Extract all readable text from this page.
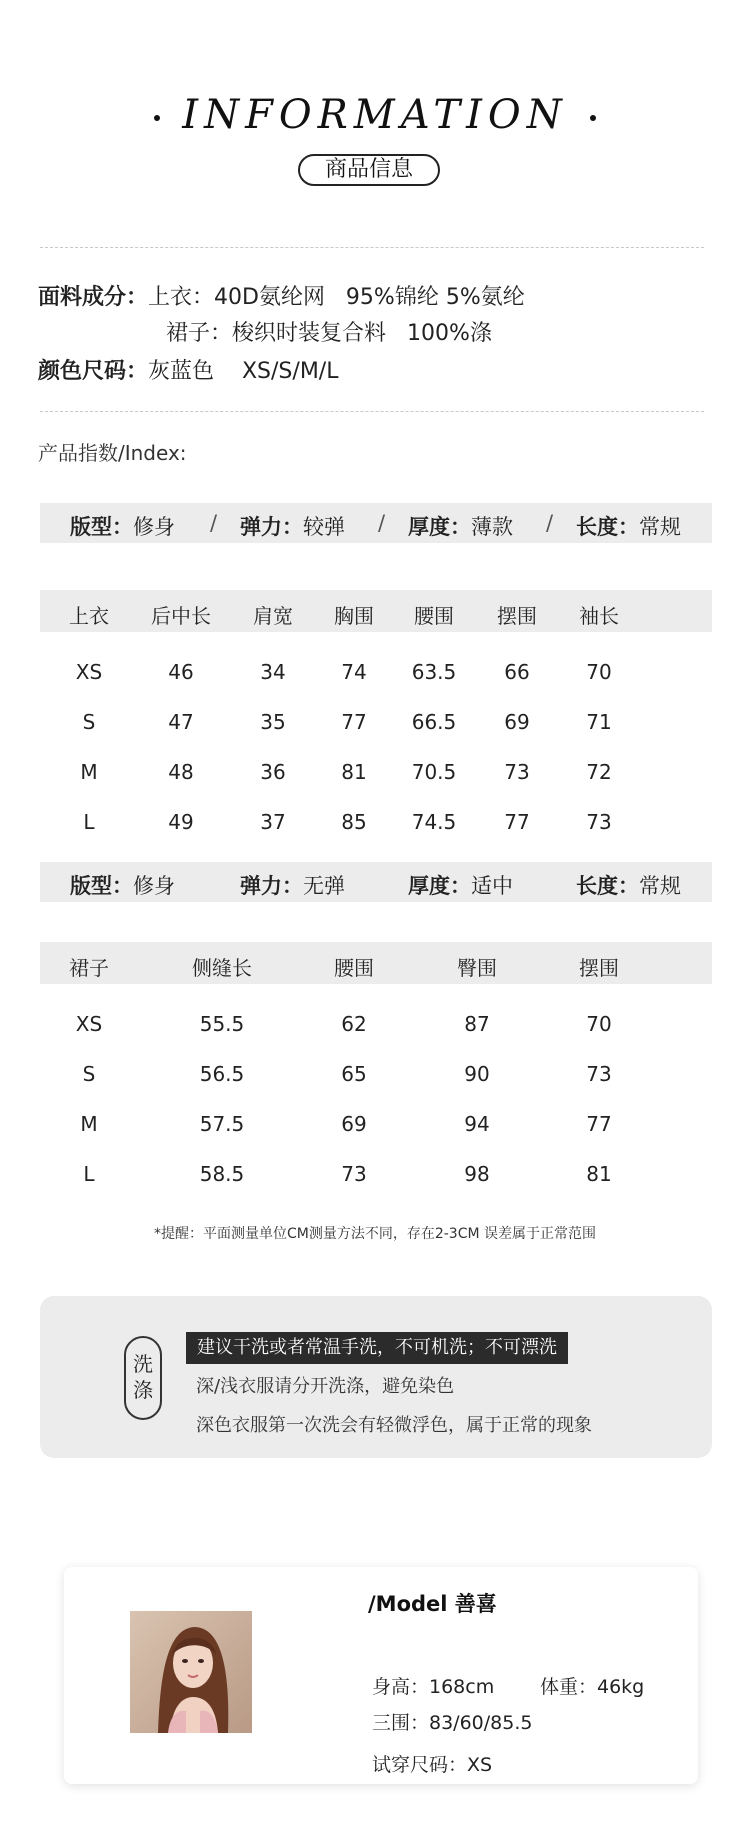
INFORMATION
商品信息
面料成分：上衣：40D氨纶网   95%锦纶 5%氨纶
裙子：梭织时装复合料   100%涤
颜色尺码：灰蓝色    XS/S/M/L
产品指数/Index:
版型：修身 / 弹力：较弹 / 厚度：薄款 / 长度：常规
上衣	后中长	肩宽	胸围	腰围	摆围	袖长
XS	46	34	74	63.5	66	70
S	47	35	77	66.5	69	71
M	48	36	81	70.5	73	72
L	49	37	85	74.5	77	73
版型：修身	弹力：无弹	厚度：适中	长度：常规
裙子	侧缝长	腰围	臀围	摆围
XS	55.5	62	87	70
S	56.5	65	90	73
M	57.5	69	94	77
L	58.5	73	98	81
*提醒：平面测量单位CM测量方法不同，存在2-3CM 误差属于正常范围
洗
涤
建议干洗或者常温手洗，不可机洗；不可漂洗
深/浅衣服请分开洗涤，避免染色
深色衣服第一次洗会有轻微浮色，属于正常的现象
/Model 善喜
身高：168cm 体重：46kg
三围：83/60/85.5
试穿尺码：XS
